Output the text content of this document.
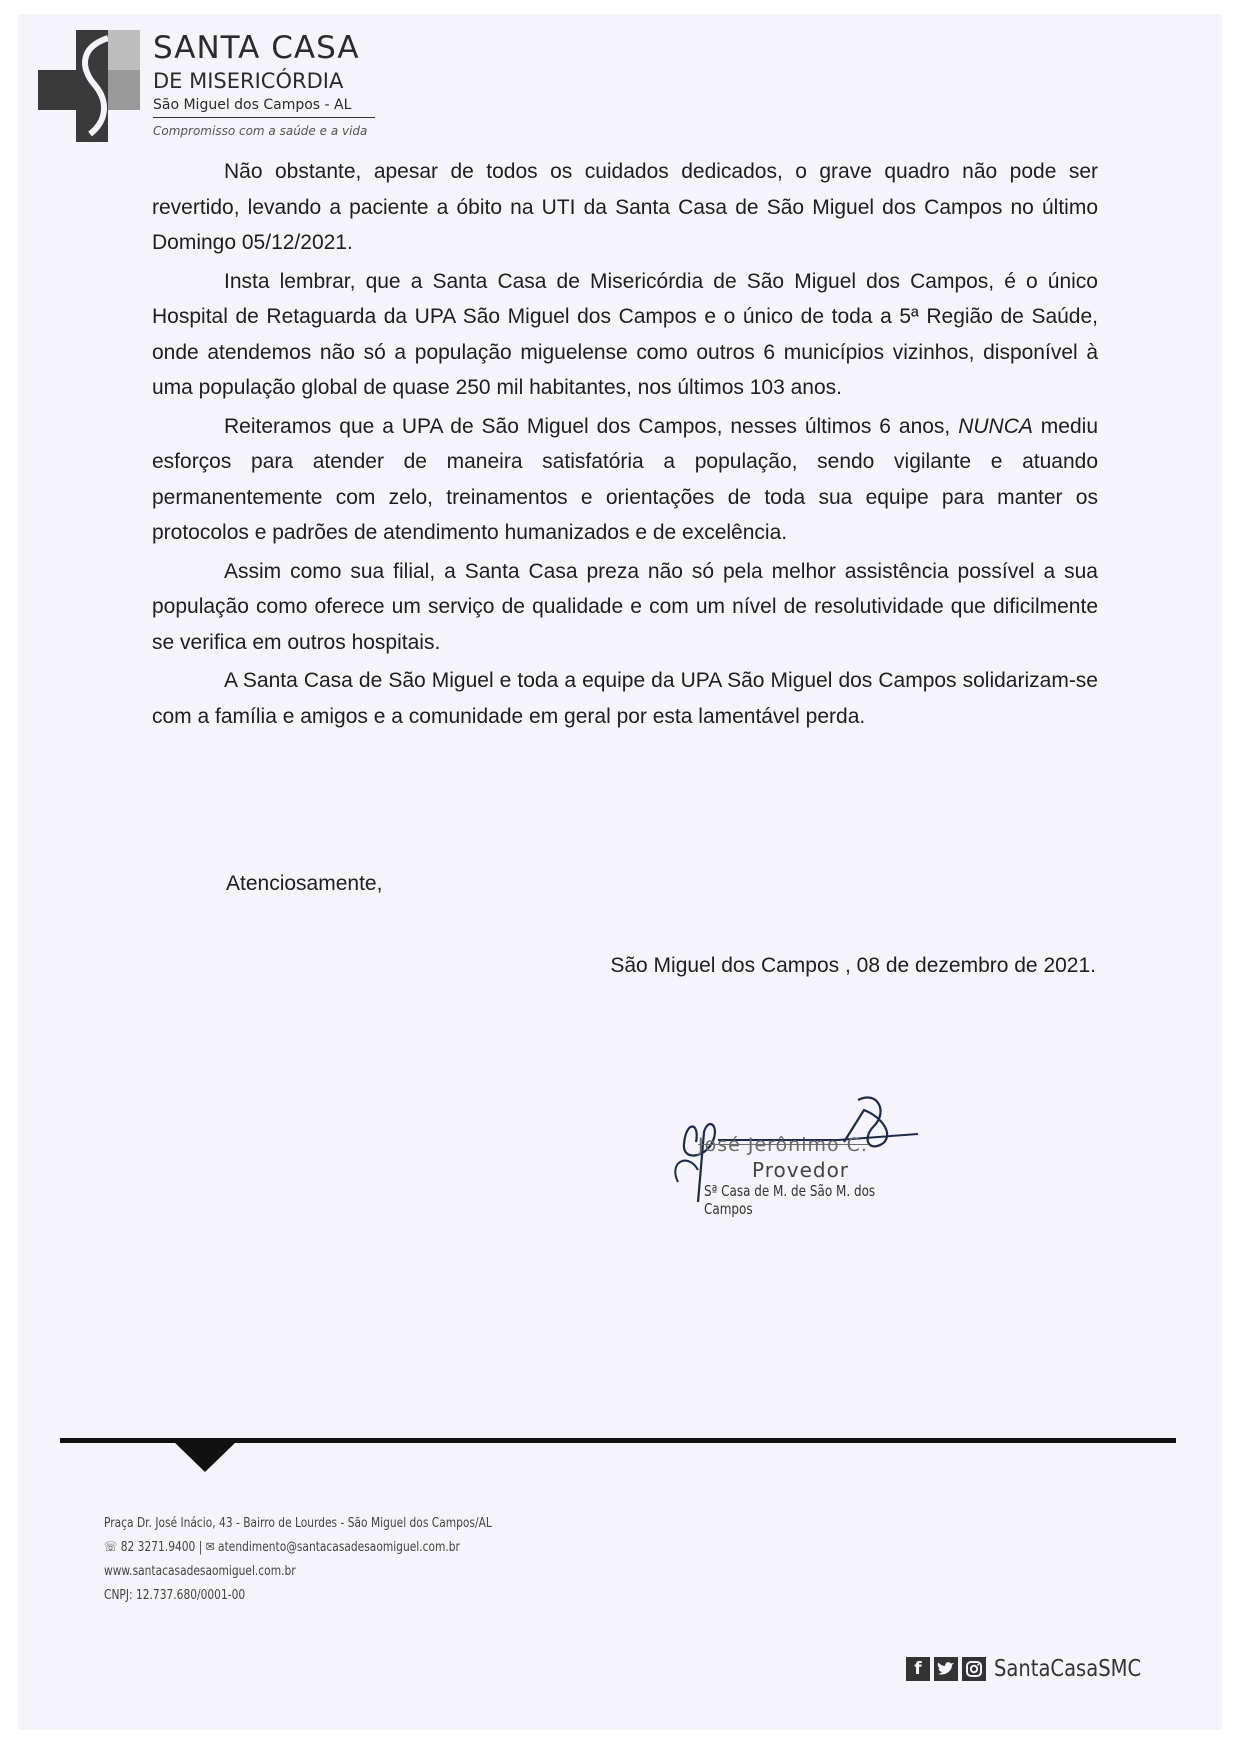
SANTA CASA
DE MISERICÓRDIA
São Miguel dos Campos - AL
Compromisso com a saúde e a vida

Não obstante, apesar de todos os cuidados dedicados, o grave quadro não pode ser revertido, levando a paciente a óbito na UTI da Santa Casa de São Miguel dos Campos no último Domingo 05/12/2021.

Insta lembrar, que a Santa Casa de Misericórdia de São Miguel dos Campos, é o único Hospital de Retaguarda da UPA São Miguel dos Campos e o único de toda a 5ª Região de Saúde, onde atendemos não só a população miguelense como outros 6 municípios vizinhos, disponível à uma população global de quase 250 mil habitantes, nos últimos 103 anos.

Reiteramos que a UPA de São Miguel dos Campos, nesses últimos 6 anos, NUNCA mediu esforços para atender de maneira satisfatória a população, sendo vigilante e atuando permanentemente com zelo, treinamentos e orientações de toda sua equipe para manter os protocolos e padrões de atendimento humanizados e de excelência.

Assim como sua filial, a Santa Casa preza não só pela melhor assistência possível a sua população como oferece um serviço de qualidade e com um nível de resolutividade que dificilmente se verifica em outros hospitais.

A Santa Casa de São Miguel e toda a equipe da UPA São Miguel dos Campos solidarizam-se com a família e amigos e a comunidade em geral por esta lamentável perda.

Atenciosamente,
São Miguel dos Campos , 08 de dezembro de 2021.
José Jerônimo C.
Provedor
Sª Casa de M. de São M. dos Campos
Praça Dr. José Inácio, 43 - Bairro de Lourdes - São Miguel dos Campos/AL
☏ 82 3271.9400 | ✉ atendimento@santacasadesaomiguel.com.br
www.santacasadesaomiguel.com.br
CNPJ: 12.737.680/0001-00
f	SantaCasaSMC
